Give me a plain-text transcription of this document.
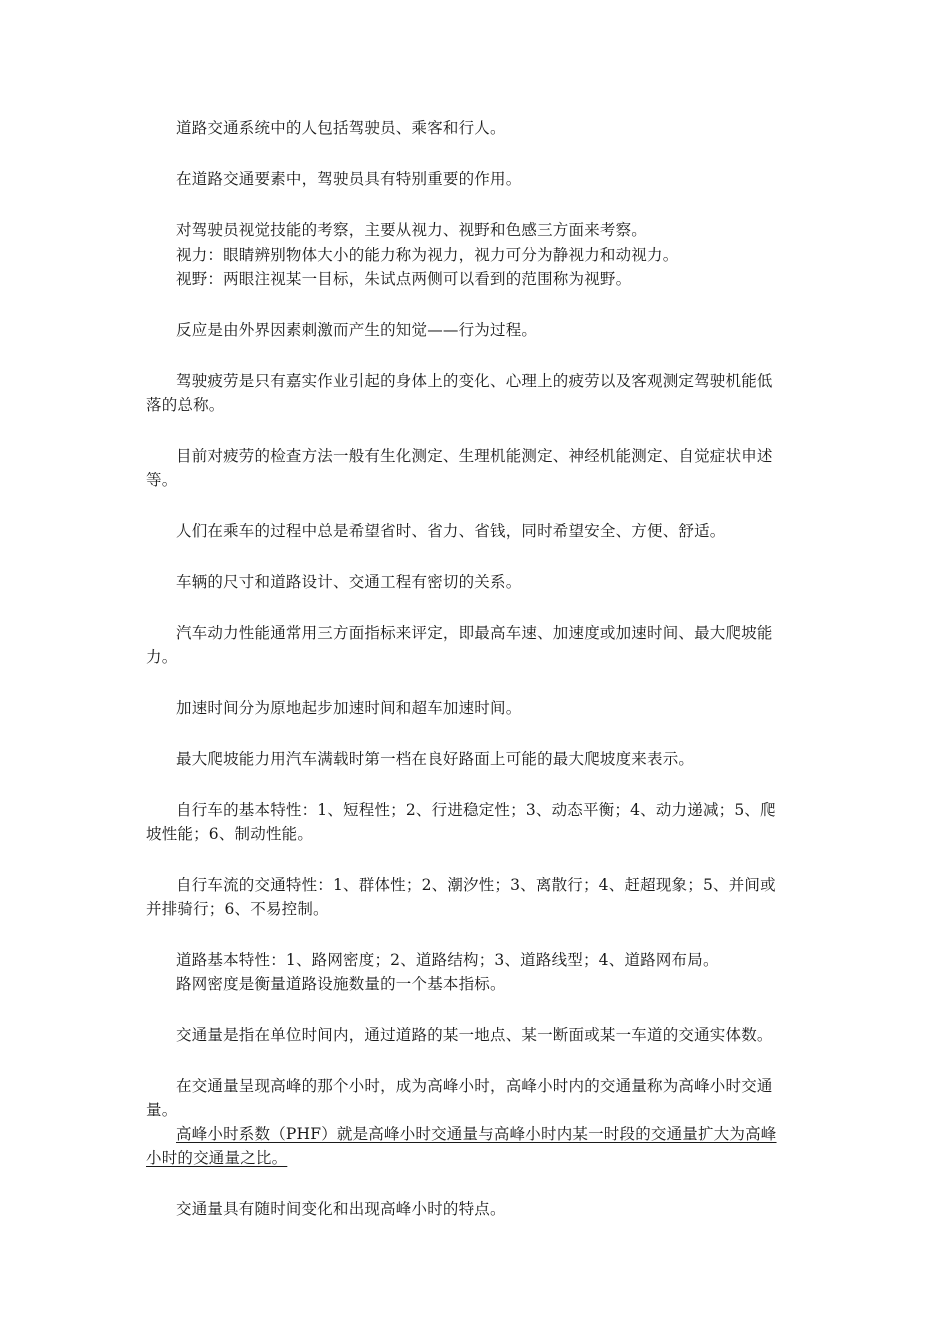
道路交通系统中的人包括驾驶员、乘客和行人。
在道路交通要素中，驾驶员具有特别重要的作用。
对驾驶员视觉技能的考察，主要从视力、视野和色感三方面来考察。
视力：眼睛辨别物体大小的能力称为视力，视力可分为静视力和动视力。
视野：两眼注视某一目标，朱试点两侧可以看到的范围称为视野。
反应是由外界因素刺激而产生的知觉——行为过程。
驾驶疲劳是只有嘉实作业引起的身体上的变化、心理上的疲劳以及客观测定驾驶机能低
落的总称。
目前对疲劳的检查方法一般有生化测定、生理机能测定、神经机能测定、自觉症状申述
等。
人们在乘车的过程中总是希望省时、省力、省钱，同时希望安全、方便、舒适。
车辆的尺寸和道路设计、交通工程有密切的关系。
汽车动力性能通常用三方面指标来评定，即最高车速、加速度或加速时间、最大爬坡能
力。
加速时间分为原地起步加速时间和超车加速时间。
最大爬坡能力用汽车满载时第一档在良好路面上可能的最大爬坡度来表示。
自行车的基本特性：1、短程性；2、行进稳定性；3、动态平衡；4、动力递减；5、爬
坡性能；6、制动性能。
自行车流的交通特性：1、群体性；2、潮汐性；3、离散行；4、赶超现象；5、并间或
并排骑行；6、不易控制。
道路基本特性：1、路网密度；2、道路结构；3、道路线型；4、道路网布局。
路网密度是衡量道路设施数量的一个基本指标。
交通量是指在单位时间内，通过道路的某一地点、某一断面或某一车道的交通实体数。
在交通量呈现高峰的那个小时，成为高峰小时，高峰小时内的交通量称为高峰小时交通
量。
高峰小时系数（PHF）就是高峰小时交通量与高峰小时内某一时段的交通量扩大为高峰
小时的交通量之比。
交通量具有随时间变化和出现高峰小时的特点。
